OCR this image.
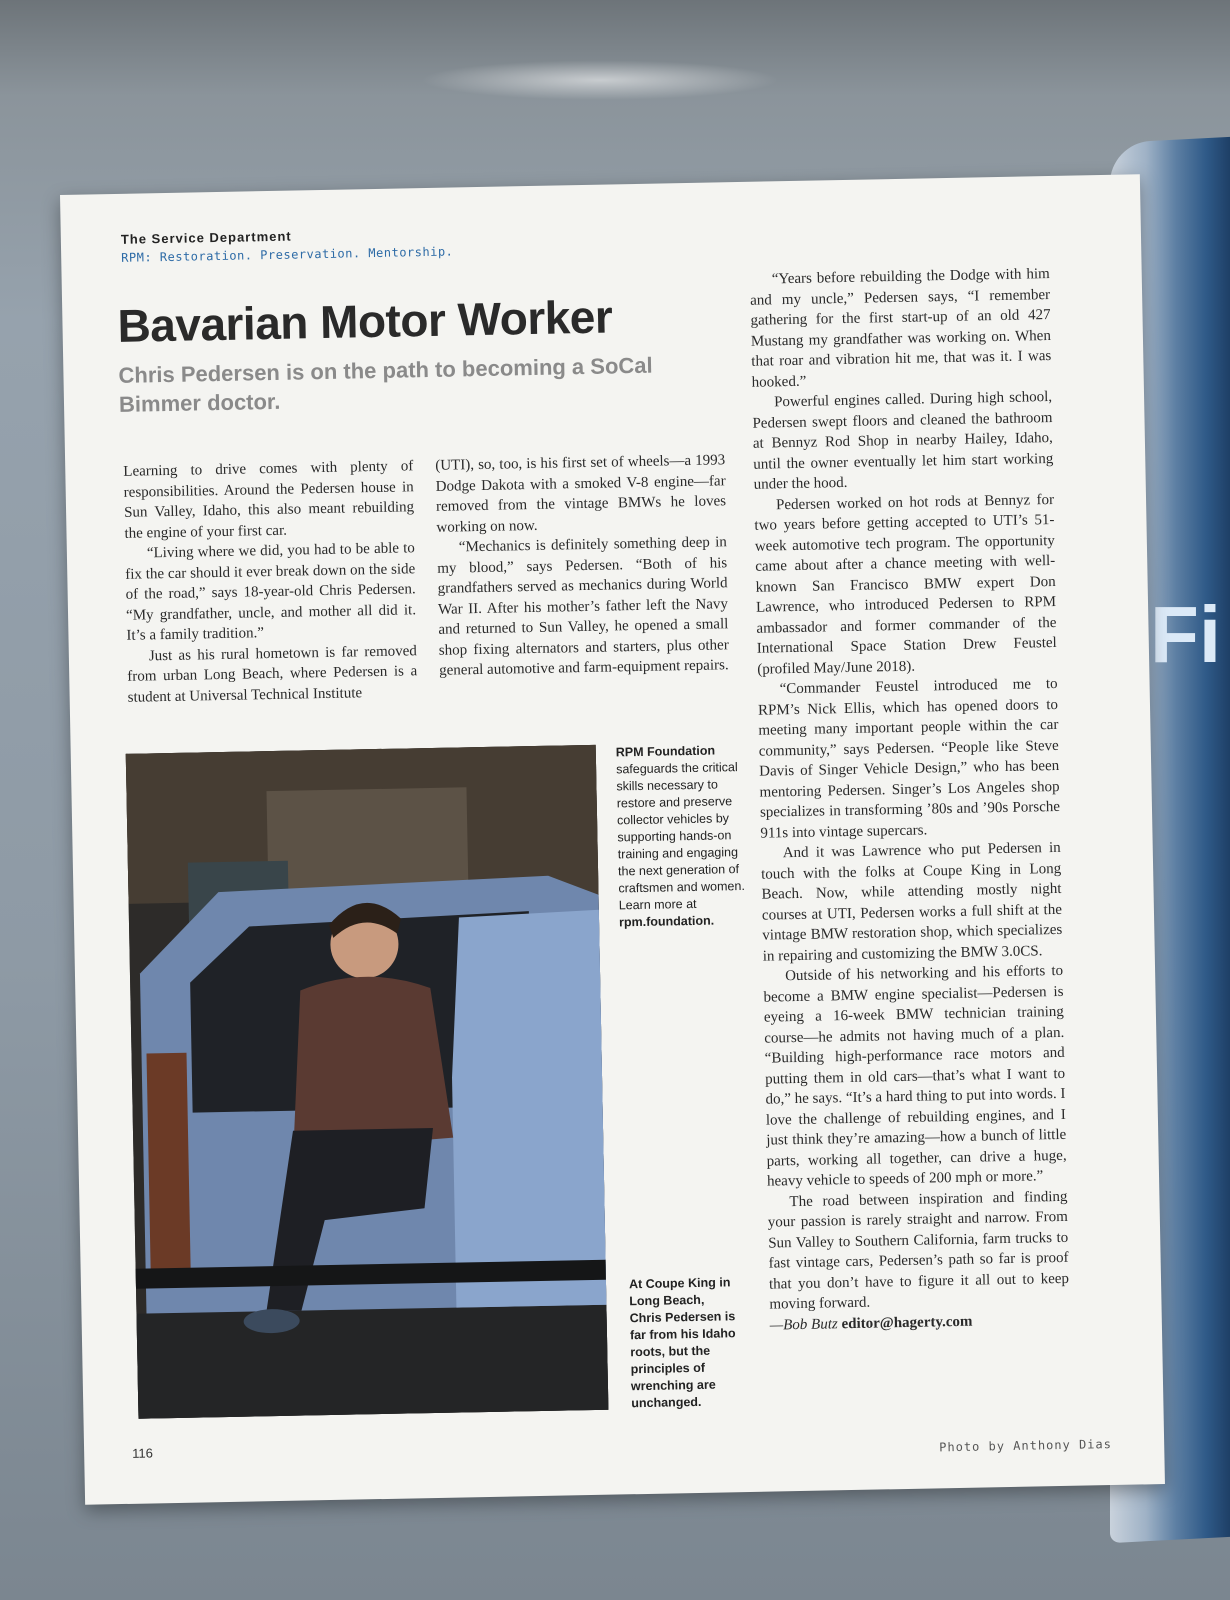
Fi
The Service Department
RPM: Restoration. Preservation. Mentorship.
Bavarian Motor Worker
Chris Pedersen is on the path to becoming a SoCal Bimmer doctor.

Learning to drive comes with plenty of responsibilities. Around the Pedersen house in Sun Valley, Idaho, this also meant rebuilding the engine of your first car.

“Living where we did, you had to be able to fix the car should it ever break down on the side of the road,” says 18-year-old Chris Pedersen. “My grandfather, uncle, and mother all did it. It’s a family tradition.”

Just as his rural hometown is far removed from urban Long Beach, where Pedersen is a student at Universal Technical Institute

(UTI), so, too, is his first set of wheels—a 1993 Dodge Dakota with a smoked V-8 engine—far removed from the vintage BMWs he loves working on now.

“Mechanics is definitely something deep in my blood,” says Pedersen. “Both of his grandfathers served as mechanics during World War II. After his mother’s father left the Navy and returned to Sun Valley, he opened a small shop fixing alternators and starters, plus other general automotive and farm-equipment repairs.

“Years before rebuilding the Dodge with him and my uncle,” Pedersen says, “I remember gathering for the first start-up of an old 427 Mustang my grandfather was working on. When that roar and vibration hit me, that was it. I was hooked.”

Powerful engines called. During high school, Pedersen swept floors and cleaned the bathroom at Bennyz Rod Shop in nearby Hailey, Idaho, until the owner eventually let him start working under the hood.

Pedersen worked on hot rods at Bennyz for two years before getting accepted to UTI’s 51-week automotive tech program. The opportunity came about after a chance meeting with well-known San Francisco BMW expert Don Lawrence, who introduced Pedersen to RPM ambassador and former commander of the International Space Station Drew Feustel (profiled May/June 2018).

“Commander Feustel introduced me to RPM’s Nick Ellis, which has opened doors to meeting many important people within the car community,” says Pedersen. “People like Steve Davis of Singer Vehicle Design,” who has been mentoring Pedersen. Singer’s Los Angeles shop specializes in transforming ’80s and ’90s Porsche 911s into vintage supercars.

And it was Lawrence who put Pedersen in touch with the folks at Coupe King in Long Beach. Now, while attending mostly night courses at UTI, Pedersen works a full shift at the vintage BMW restoration shop, which specializes in repairing and customizing the BMW 3.0CS.

Outside of his networking and his efforts to become a BMW engine specialist—Pedersen is eyeing a 16-week BMW technician training course—he admits not having much of a plan. “Building high-performance race motors and putting them in old cars—that’s what I want to do,” he says. “It’s a hard thing to put into words. I love the challenge of rebuilding engines, and I just think they’re amazing—how a bunch of little parts, working all together, can drive a huge, heavy vehicle to speeds of 200 mph or more.”

The road between inspiration and finding your passion is rarely straight and narrow. From Sun Valley to Southern California, farm trucks to fast vintage cars, Pedersen’s path so far is proof that you don’t have to figure it all out to keep moving forward.

—Bob Butz editor@hagerty.com

RPM Foundation safeguards the critical skills necessary to restore and preserve collector vehicles by supporting hands-on training and engaging the next generation of craftsmen and women. Learn more at rpm.foundation.
At Coupe King in Long Beach, Chris Pedersen is far from his Idaho roots, but the principles of wrenching are unchanged.
116	Photo by Anthony Dias
